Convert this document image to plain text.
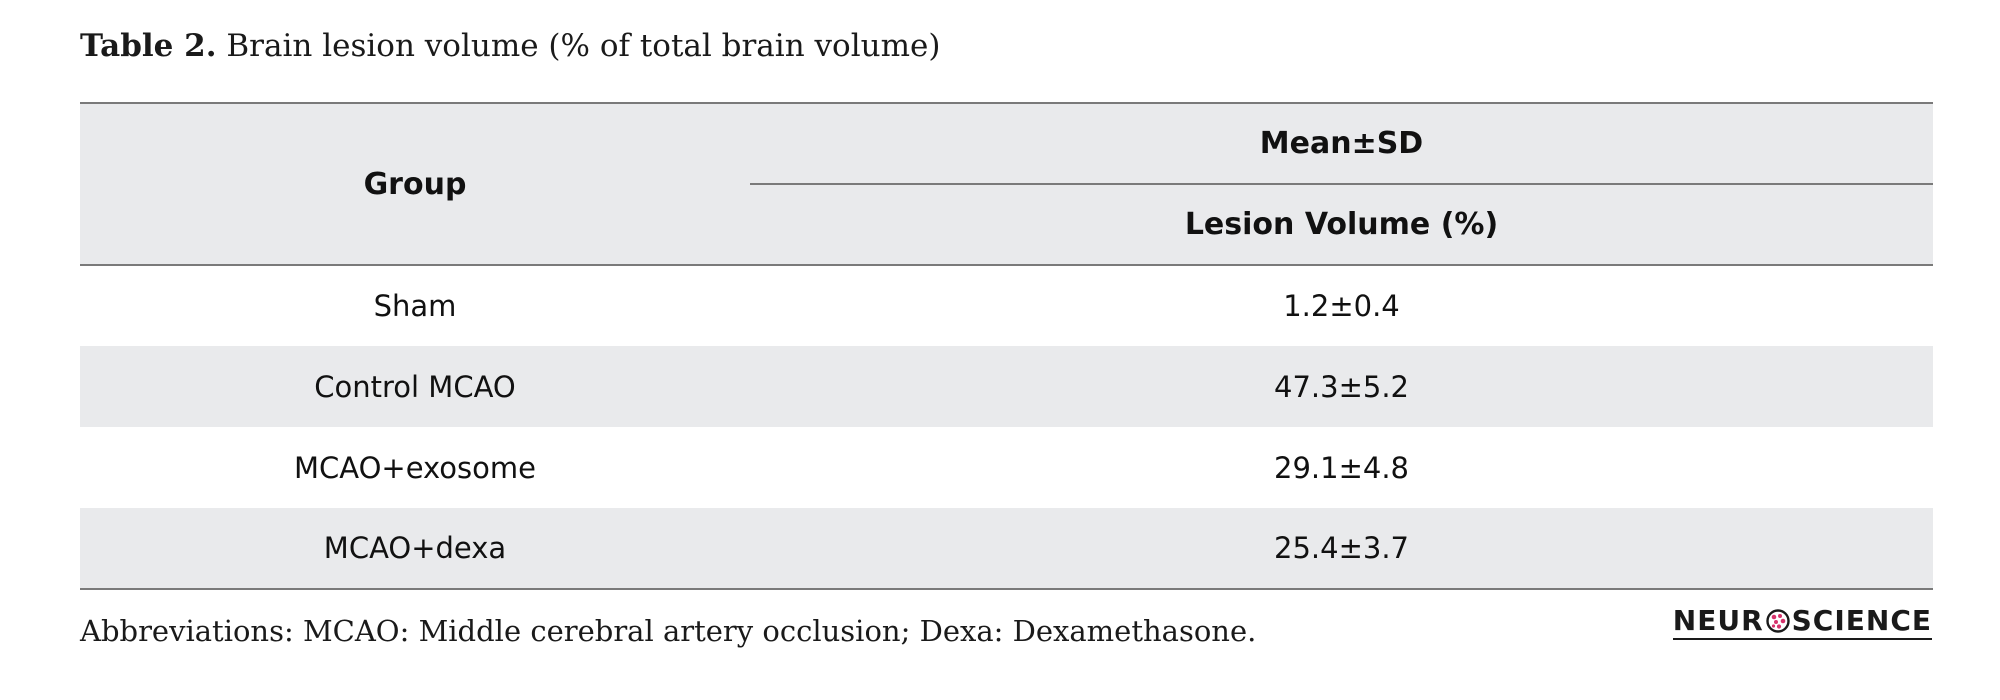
Table 2. Brain lesion volume (% of total brain volume)
Group	Mean±SD
	Lesion Volume (%)
Sham	1.2±0.4
Control MCAO	47.3±5.2
MCAO+exosome	29.1±4.8
MCAO+dexa	25.4±3.7
Abbreviations: MCAO: Middle cerebral artery occlusion; Dexa: Dexamethasone.	NEUR SCIENCE
